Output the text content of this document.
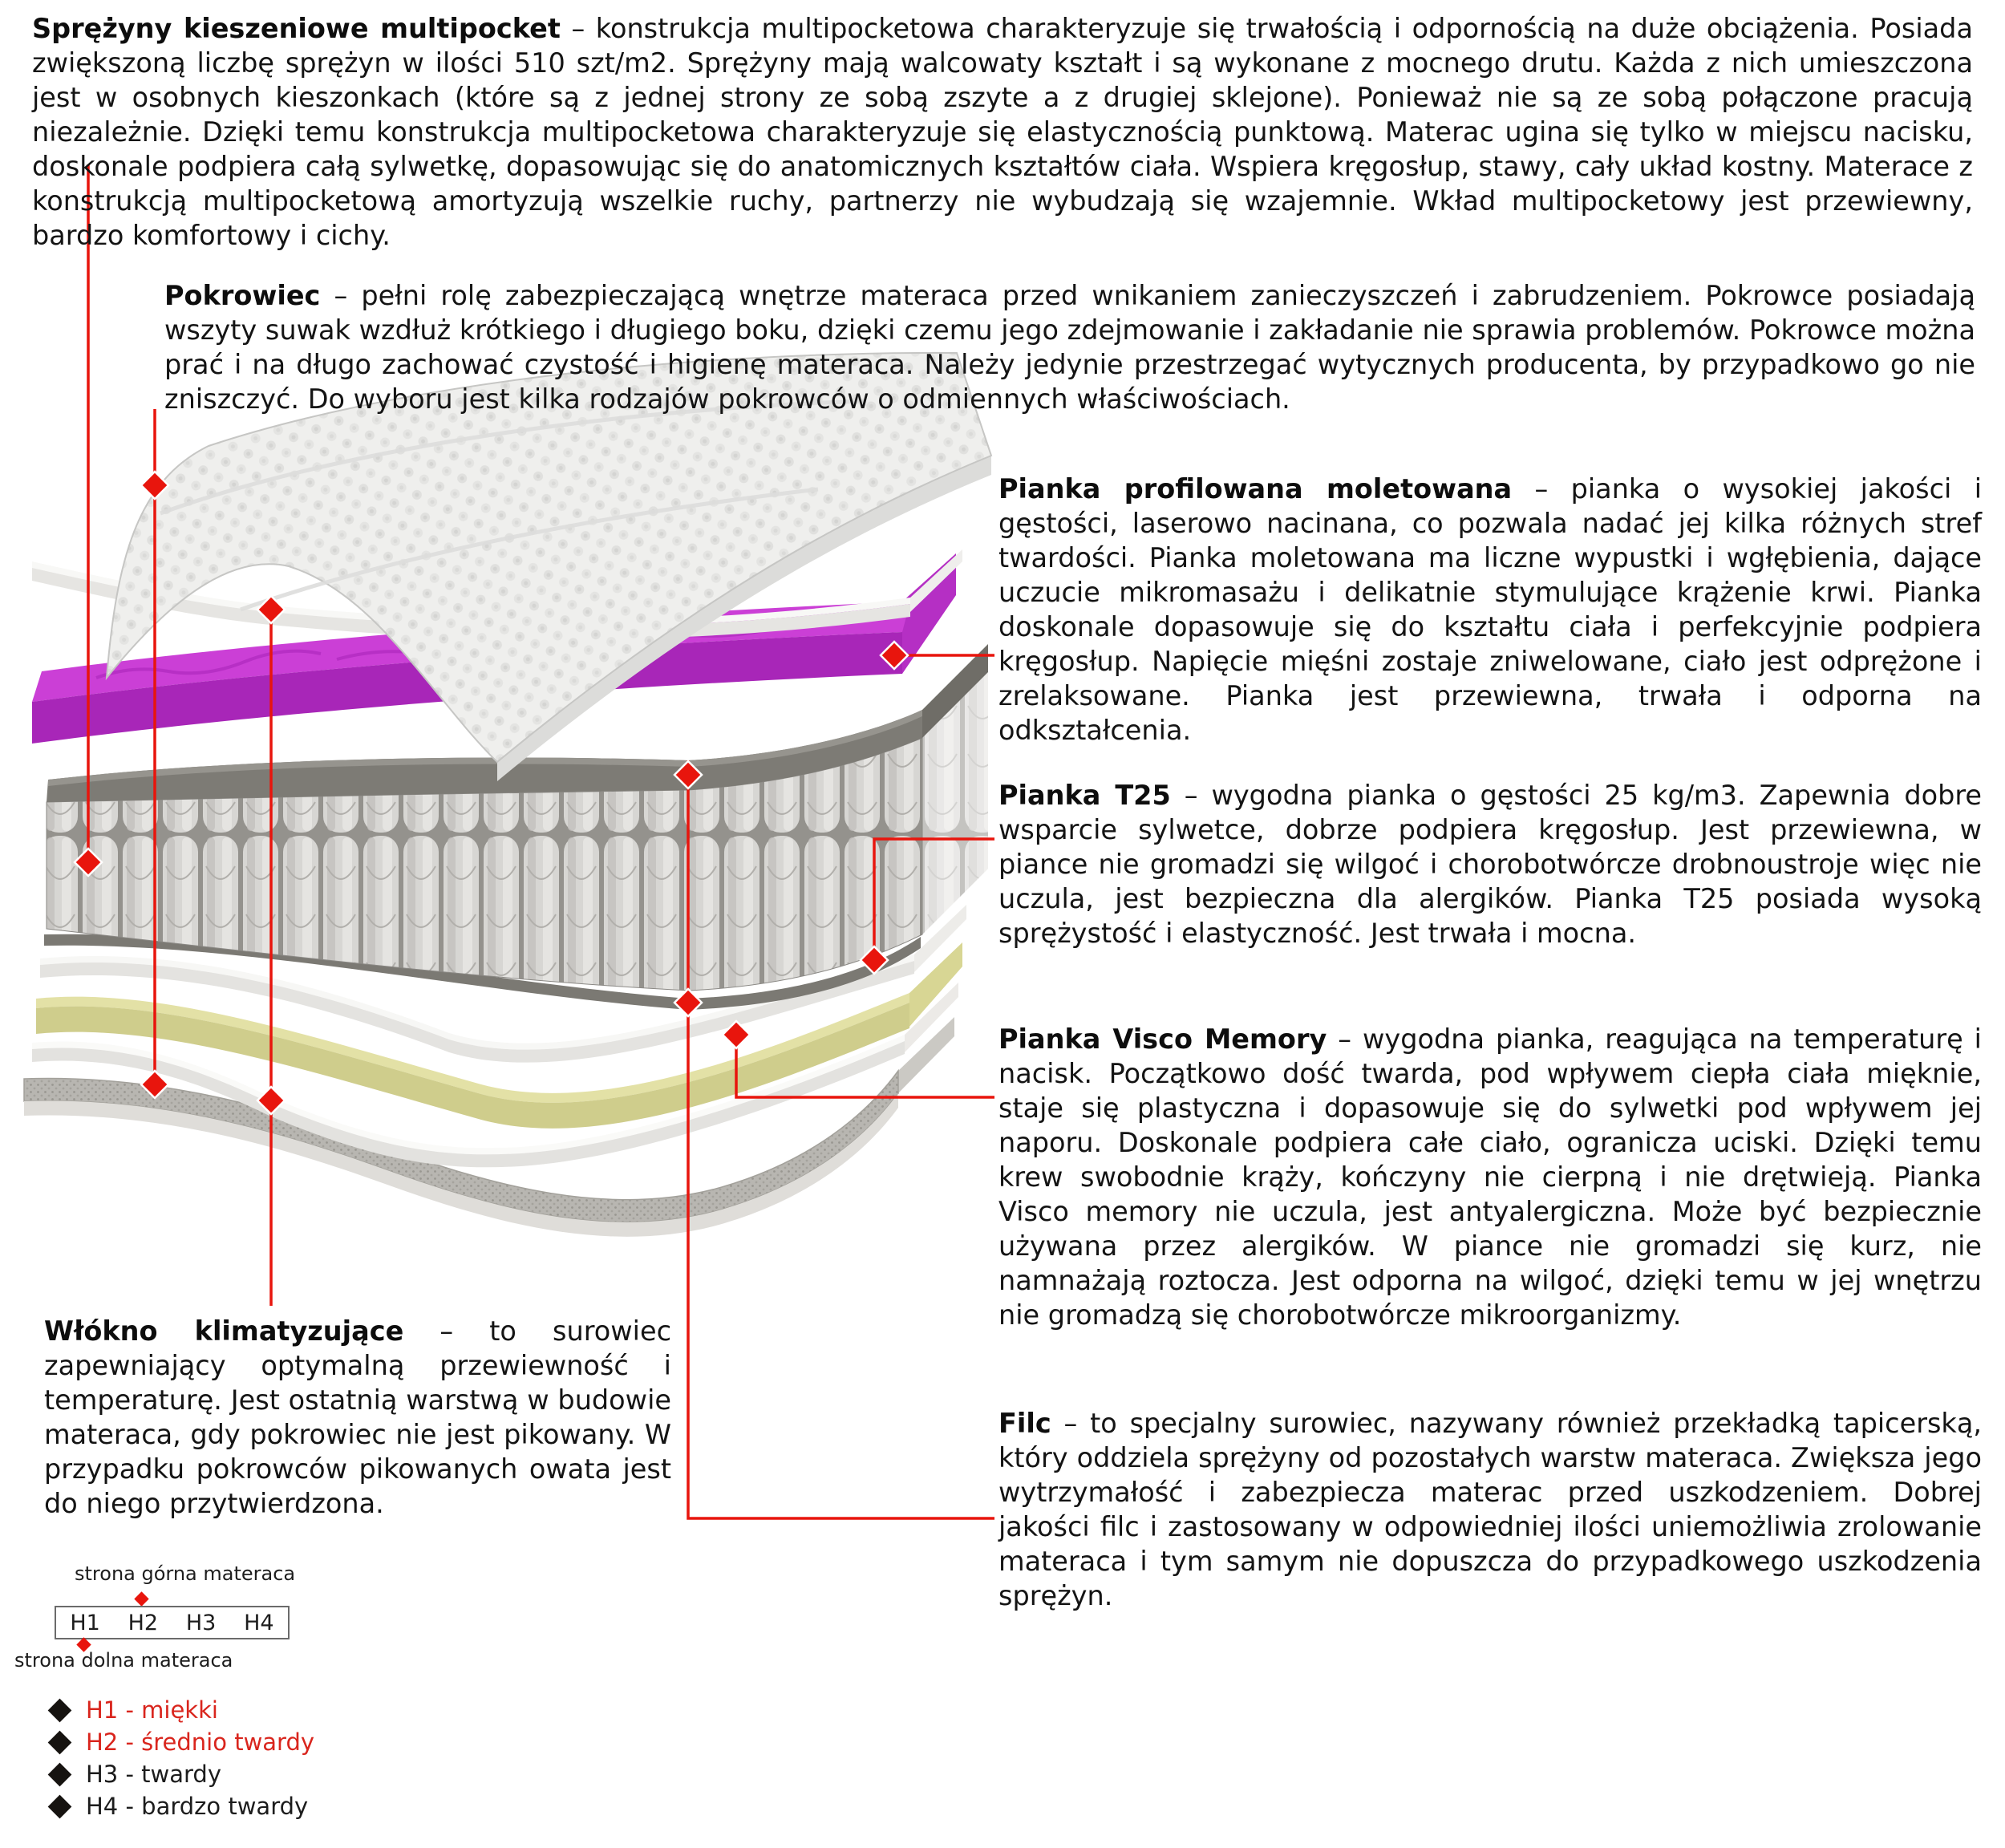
Sprężyny kieszeniowe multipocket – konstrukcja multipocketowa charakteryzuje się trwałością i odpornością na duże obciążenia. Posiada zwiększoną liczbę sprężyn w ilości 510 szt/m2. Sprężyny mają walcowaty kształt i są wykonane z mocnego drutu. Każda z nich umieszczona jest w osobnych kieszonkach (które są z jednej strony ze sobą zszyte a z drugiej sklejone). Ponieważ nie są ze sobą połączone pracują niezależnie. Dzięki temu konstrukcja multipocketowa charakteryzuje się elastycznością punktową. Materac ugina się tylko w miejscu nacisku, doskonale podpiera całą sylwetkę, dopasowując się do anatomicznych kształtów ciała. Wspiera kręgosłup, stawy, cały układ kostny. Materace z konstrukcją multipocketową amortyzują wszelkie ruchy, partnerzy nie wybudzają się wzajemnie. Wkład multipocketowy jest przewiewny, bardzo komfortowy i cichy.
Pokrowiec – pełni rolę zabezpieczającą wnętrze materaca przed wnikaniem zanieczyszczeń i zabrudzeniem. Pokrowce posiadają wszyty suwak wzdłuż krótkiego i długiego boku, dzięki czemu jego zdejmowanie i zakładanie nie sprawia problemów. Pokrowce można prać i na długo zachować czystość i higienę materaca. Należy jedynie przestrzegać wytycznych producenta, by przypadkowo go nie zniszczyć. Do wyboru jest kilka rodzajów pokrowców o odmiennych właściwościach.
Pianka profilowana moletowana – pianka o wysokiej jakości i gęstości, laserowo nacinana, co pozwala nadać jej kilka różnych stref twardości. Pianka moletowana ma liczne wypustki i wgłębienia, dające uczucie mikromasażu i delikatnie stymulujące krążenie krwi. Pianka doskonale dopasowuje się do kształtu ciała i perfekcyjnie podpiera kręgosłup. Napięcie mięśni zostaje zniwelowane, ciało jest odprężone i zrelaksowane. Pianka jest przewiewna, trwała i odporna na odkształcenia.
Pianka T25 – wygodna pianka o gęstości 25 kg/m3. Zapewnia dobre wsparcie sylwetce, dobrze podpiera kręgosłup. Jest przewiewna, w piance nie gromadzi się wilgoć i chorobotwórcze drobnoustroje więc nie uczula, jest bezpieczna dla alergików. Pianka T25 posiada wysoką sprężystość i elastyczność. Jest trwała i mocna.
Pianka Visco Memory – wygodna pianka, reagująca na temperaturę i nacisk. Początkowo dość twarda, pod wpływem ciepła ciała mięknie, staje się plastyczna i dopasowuje się do sylwetki pod wpływem jej naporu. Doskonale podpiera całe ciało, ogranicza uciski. Dzięki temu krew swobodnie krąży, kończyny nie cierpną i nie drętwieją. Pianka Visco memory nie uczula, jest antyalergiczna. Może być bezpiecznie używana przez alergików. W piance nie gromadzi się kurz, nie namnażają roztocza. Jest odporna na wilgoć, dzięki temu w jej wnętrzu nie gromadzą się chorobotwórcze mikroorganizmy.
Filc – to specjalny surowiec, nazywany również przekładką tapicerską, który oddziela sprężyny od pozostałych warstw materaca. Zwiększa jego wytrzymałość i zabezpiecza materac przed uszkodzeniem. Dobrej jakości filc i zastosowany w odpowiedniej ilości uniemożliwia zrolowanie materaca i tym samym nie dopuszcza do przypadkowego uszkodzenia sprężyn.
Włókno klimatyzujące – to surowiec zapewniający optymalną przewiewność i temperaturę. Jest ostatnią warstwą w budowie materaca, gdy pokrowiec nie jest pikowany. W przypadku pokrowców pikowanych owata jest do niego przytwierdzona.
strona górna materaca
H1	H2	H3	H4
strona dolna materaca
H1 - miękki
H2 - średnio twardy
H3 - twardy
H4 - bardzo twardy
